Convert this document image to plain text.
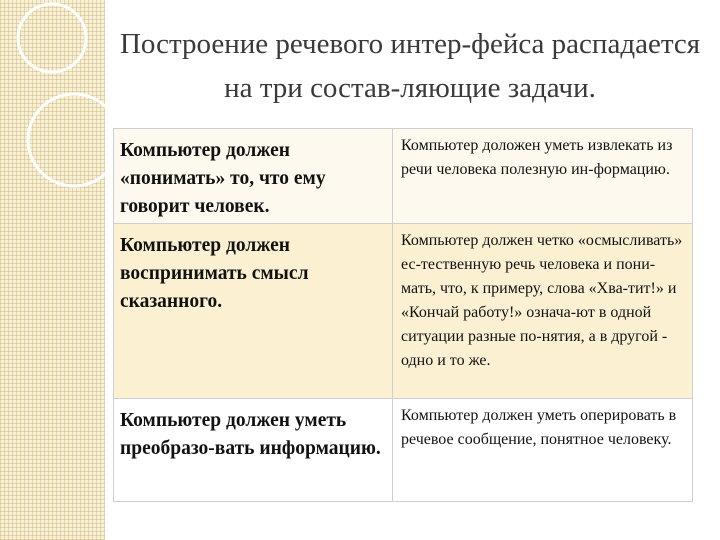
Построение речевого интер-фейса распадается на три состав-ляющие задачи.
Компьютер должен «понимать» то, что ему говорит человек.	Компьютер доложен уметь извлекать из речи человека полезную ин-формацию.
Компьютер должен воспринимать смысл сказанного.	Компьютер должен четко «осмысливать» ес-тественную речь человека и пони-мать, что, к примеру, слова «Хва-тит!» и «Кончай работу!» означа-ют в одной ситуации разные по-нятия, а в другой - одно и то же.
Компьютер должен уметь преобразо-вать информацию.	Компьютер должен уметь оперировать в речевое сообщение, понятное человеку.
